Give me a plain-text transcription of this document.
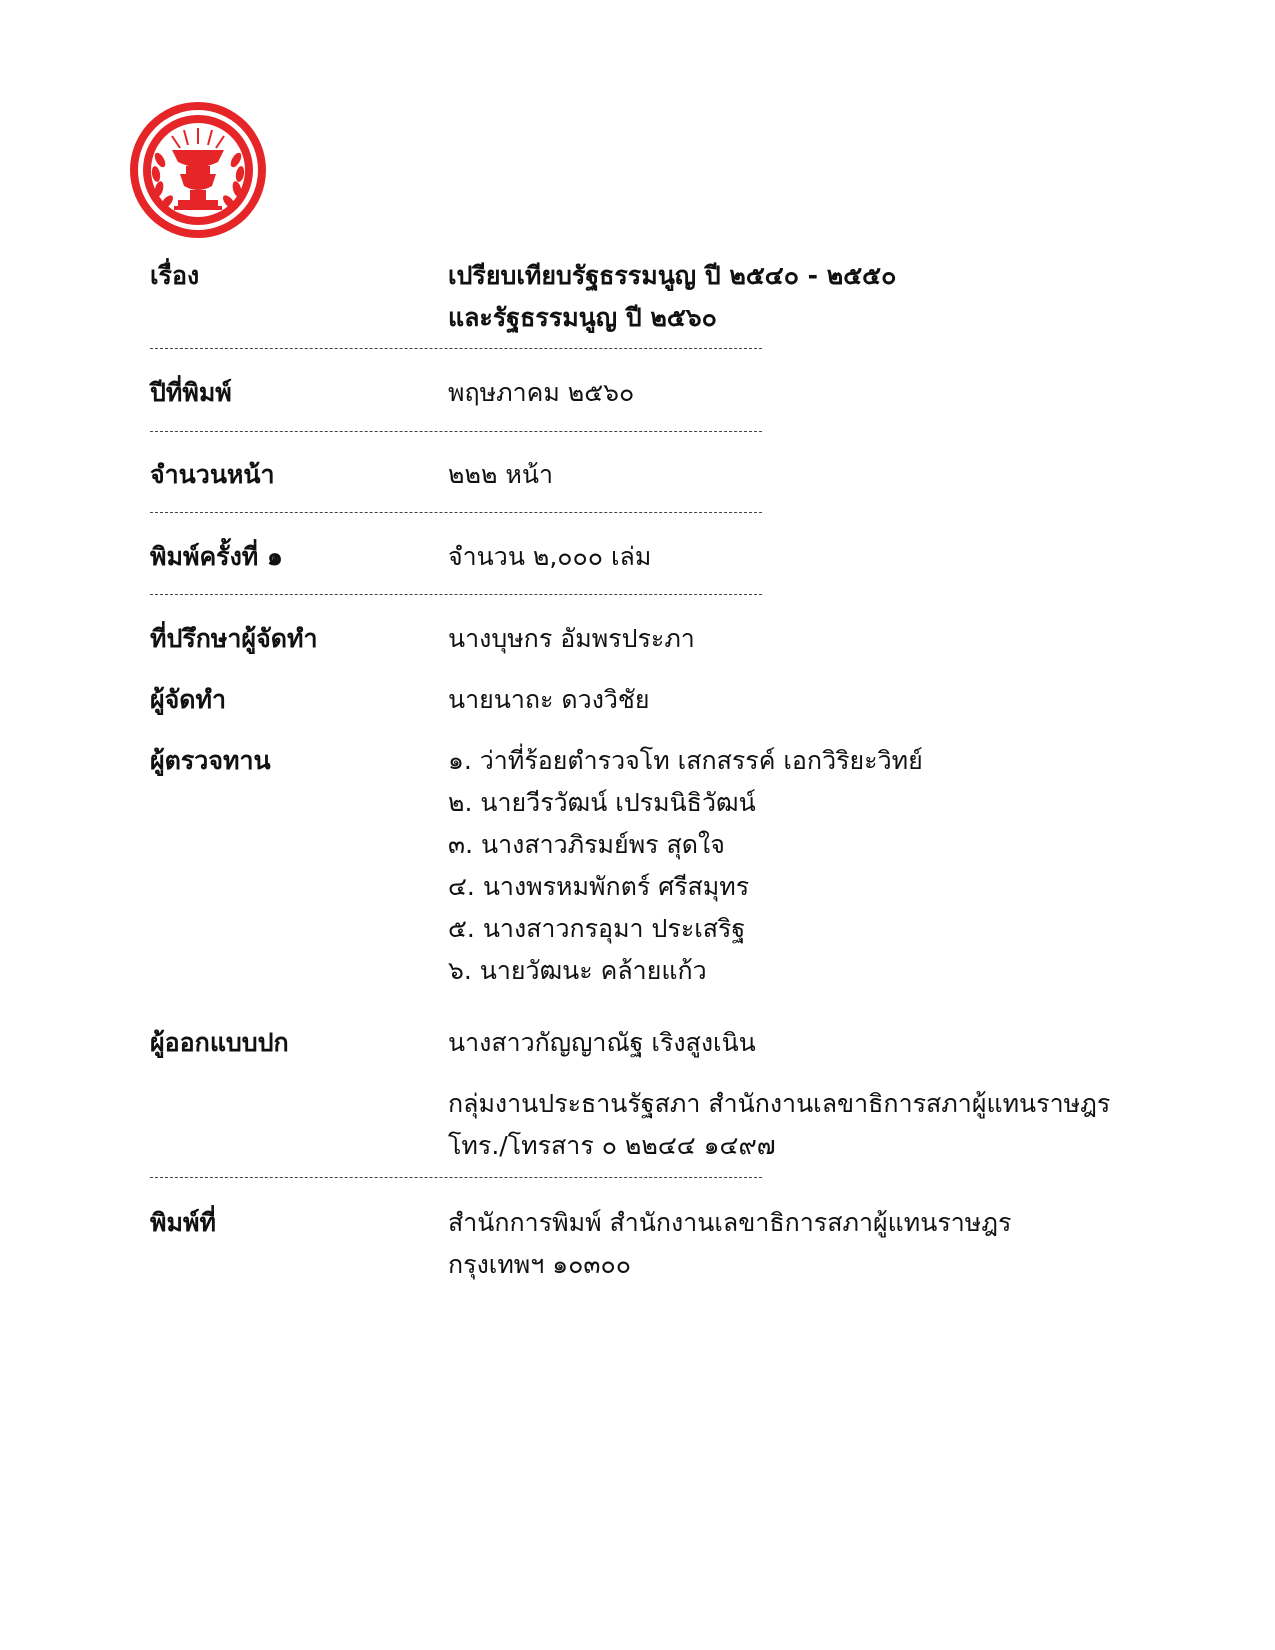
เรื่อง	เปรียบเทียบรัฐธรรมนูญ ปี ๒๕๔๐ - ๒๕๕๐
และรัฐธรรมนูญ ปี ๒๕๖๐
ปีที่พิมพ์	พฤษภาคม ๒๕๖๐
จำนวนหน้า	๒๒๒ หน้า
พิมพ์ครั้งที่ ๑	จำนวน ๒,๐๐๐ เล่ม
ที่ปรึกษาผู้จัดทำ	นางบุษกร อัมพรประภา
ผู้จัดทำ	นายนาถะ ดวงวิชัย
ผู้ตรวจทาน	๑. ว่าที่ร้อยตำรวจโท เสกสรรค์ เอกวิริยะวิทย์
๒. นายวีรวัฒน์ เปรมนิธิวัฒน์
๓. นางสาวภิรมย์พร สุดใจ
๔. นางพรหมพักตร์ ศรีสมุทร
๕. นางสาวกรอุมา ประเสริฐ
๖. นายวัฒนะ คล้ายแก้ว
ผู้ออกแบบปก	นางสาวกัญญาณัฐ เริงสูงเนิน
กลุ่มงานประธานรัฐสภา สำนักงานเลขาธิการสภาผู้แทนราษฎร
โทร./โทรสาร ๐ ๒๒๔๔ ๑๔๙๗
พิมพ์ที่	สำนักการพิมพ์ สำนักงานเลขาธิการสภาผู้แทนราษฎร
กรุงเทพฯ ๑๐๓๐๐
